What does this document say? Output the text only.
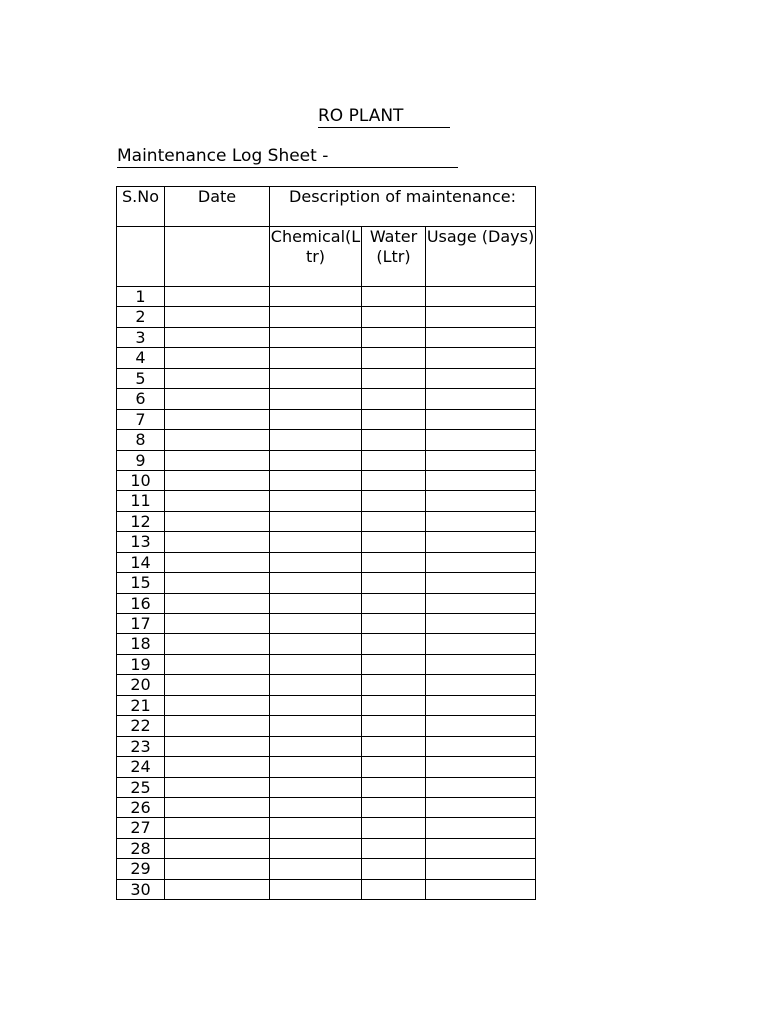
RO PLANT
Maintenance Log Sheet -
S.No	Date	Description of maintenance:		
		Chemical(Ltr)	Water (Ltr)	Usage (Days)
1				
2				
3				
4				
5				
6				
7				
8				
9				
10				
11				
12				
13				
14				
15				
16				
17				
18				
19				
20				
21				
22				
23				
24				
25				
26				
27				
28				
29				
30				
